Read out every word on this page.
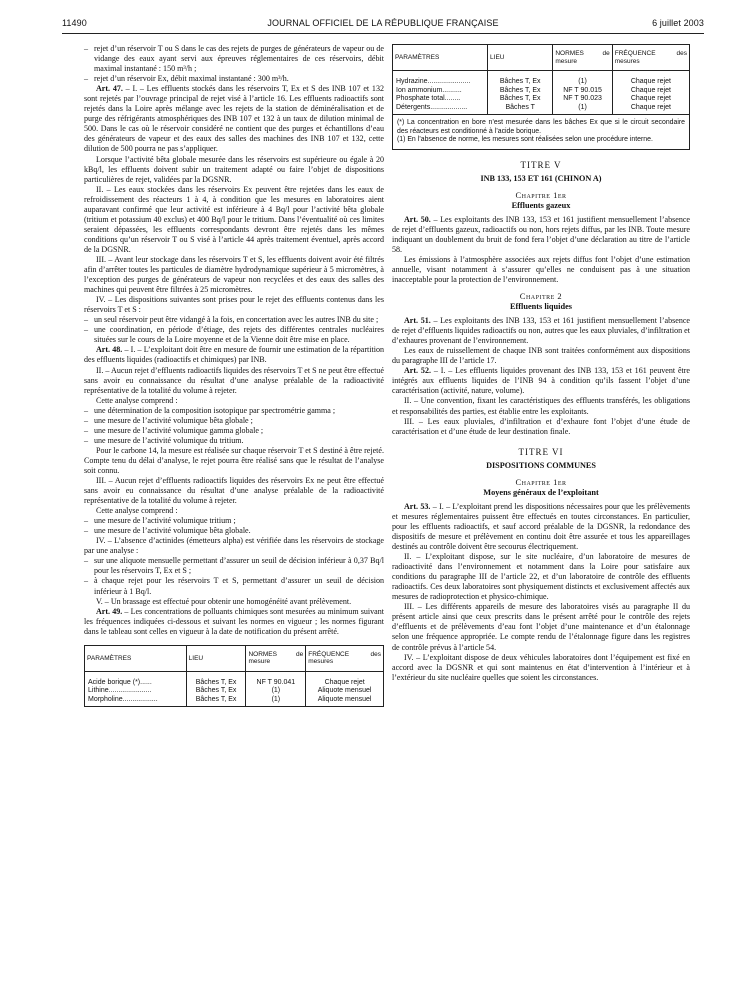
11490	JOURNAL OFFICIEL DE LA RÉPUBLIQUE FRANÇAISE	6 juillet 2003

– rejet d’un réservoir T ou S dans le cas des rejets de purges de générateurs de vapeur ou de vidange des eaux ayant servi aux épreuves réglementaires de ces réservoirs, débit maximal instantané : 150 m³/h ;

– rejet d’un réservoir Ex, débit maximal instantané : 300 m³/h.

Art. 47. – I. – Les effluents stockés dans les réservoirs T, Ex et S des INB 107 et 132 sont rejetés par l’ouvrage principal de rejet visé à l’article 16. Les effluents radioactifs sont rejetés dans la Loire après mélange avec les rejets de la station de déminéralisation et de purge des réfrigérants atmosphériques des INB 107 et 132 à un taux de dilution minimal de 500. Dans le cas où le réservoir considéré ne contient que des purges et échantillons d’eau des générateurs de vapeur et des eaux des salles des machines des INB 107 et 132, cette dilution de 500 pourra ne pas s’appliquer.

Lorsque l’activité bêta globale mesurée dans les réservoirs est supérieure ou égale à 20 kBq/l, les effluents doivent subir un traitement adapté ou faire l’objet de dispositions particulières de rejet, validées par la DGSNR.

II. – Les eaux stockées dans les réservoirs Ex peuvent être rejetées dans les eaux de refroidissement des réacteurs 1 à 4, à condition que les mesures en laboratoires aient auparavant confirmé que leur activité est inférieure à 4 Bq/l pour l’activité bêta globale (tritium et potassium 40 exclus) et 400 Bq/l pour le tritium. Dans l’éventualité où ces limites seraient dépassées, les effluents correspondants devront être rejetés dans les mêmes conditions qu’un réservoir T ou S visé à l’article 44 après traitement éventuel, après accord de la DGSNR.

III. – Avant leur stockage dans les réservoirs T et S, les effluents doivent avoir été filtrés afin d’arrêter toutes les particules de diamètre hydrodynamique supérieur à 5 micromètres, à l’exception des purges de générateurs de vapeur non recyclées et des eaux des salles des machines qui peuvent être filtrées à 25 micromètres.

IV. – Les dispositions suivantes sont prises pour le rejet des effluents contenus dans les réservoirs T et S :

– un seul réservoir peut être vidangé à la fois, en concertation avec les autres INB du site ;

– une coordination, en période d’étiage, des rejets des différentes centrales nucléaires situées sur le cours de la Loire moyenne et de la Vienne doit être mise en place.

Art. 48. – I. – L’exploitant doit être en mesure de fournir une estimation de la répartition des effluents liquides (radioactifs et chimiques) par INB.

II. – Aucun rejet d’effluents radioactifs liquides des réservoirs T et S ne peut être effectué sans avoir eu connaissance du résultat d’une analyse préalable de la radioactivité représentative de la totalité du volume à rejeter.

Cette analyse comprend :

– une détermination de la composition isotopique par spectrométrie gamma ;

– une mesure de l’activité volumique bêta globale ;

– une mesure de l’activité volumique gamma globale ;

– une mesure de l’activité volumique du tritium.

Pour le carbone 14, la mesure est réalisée sur chaque réservoir T et S destiné à être rejeté. Compte tenu du délai d’analyse, le rejet pourra être réalisé sans que le résultat de l’analyse soit connu.

III. – Aucun rejet d’effluents radioactifs liquides des réservoirs Ex ne peut être effectué sans avoir eu connaissance du résultat d’une analyse préalable de la radioactivité représentative de la totalité du volume à rejeter.

Cette analyse comprend :

– une mesure de l’activité volumique tritium ;

– une mesure de l’activité volumique bêta globale.

IV. – L’absence d’actinides (émetteurs alpha) est vérifiée dans les réservoirs de stockage par une analyse :

– sur une aliquote mensuelle permettant d’assurer un seuil de décision inférieur à 0,37 Bq/l pour les réservoirs T, Ex et S ;

– à chaque rejet pour les réservoirs T et S, permettant d’assurer un seuil de décision inférieur à 1 Bq/l.

V. – Un brassage est effectué pour obtenir une homogénéité avant prélèvement.

Art. 49. – Les concentrations de polluants chimiques sont mesurées au minimum suivant les fréquences indiquées ci-dessous et suivant les normes en vigueur ; les normes figurant dans le tableau sont celles en vigueur à la date de notification du présent arrêté.

PARAMÈTRES	LIEU	NORMES de mesure	FRÉQUENCE des mesures
Acide borique (*)......	Bâches T, Ex	NF T 90.041	Chaque rejet
Lithine......................	Bâches T, Ex	(1)	Aliquote mensuel
Morpholine..................	Bâches T, Ex	(1)	Aliquote mensuel
PARAMÈTRES	LIEU	NORMES de mesure	FRÉQUENCE des mesures
Hydrazine......................	Bâches T, Ex	(1)	Chaque rejet
Ion ammonium..........	Bâches T, Ex	NF T 90.015	Chaque rejet
Phosphate total........	Bâches T, Ex	NF T 90.023	Chaque rejet
Détergents...................	Bâches T	(1)	Chaque rejet

(*) La concentration en bore n’est mesurée dans les bâches Ex que si le circuit secondaire des réacteurs est conditionné à l’acide borique.

(1) En l’absence de norme, les mesures sont réalisées selon une procédure interne.

TITRE V
INB 133, 153 ET 161 (CHINON A)
Chapitre 1er
Effluents gazeux

Art. 50. – Les exploitants des INB 133, 153 et 161 justifient mensuellement l’absence de rejet d’effluents gazeux, radioactifs ou non, hors rejets diffus, par les INB. Toute mesure indiquant un doublement du bruit de fond fera l’objet d’une déclaration au titre de l’article 58.

Les émissions à l’atmosphère associées aux rejets diffus font l’objet d’une estimation annuelle, visant notamment à s’assurer qu’elles ne conduisent pas à une situation inacceptable pour la protection de l’environnement.

Chapitre 2
Effluents liquides

Art. 51. – Les exploitants des INB 133, 153 et 161 justifient mensuellement l’absence de rejet d’effluents liquides radioactifs ou non, autres que les eaux pluviales, d’infiltration et d’exhaures provenant de l’environnement.

Les eaux de ruissellement de chaque INB sont traitées conformément aux dispositions du paragraphe III de l’article 17.

Art. 52. – I. – Les effluents liquides provenant des INB 133, 153 et 161 peuvent être intégrés aux effluents liquides de l’INB 94 à condition qu’ils fassent l’objet d’une caractérisation (activité, nature, volume).

II. – Une convention, fixant les caractéristiques des effluents transférés, les obligations et responsabilités des parties, est établie entre les exploitants.

III. – Les eaux pluviales, d’infiltration et d’exhaure font l’objet d’une étude de caractérisation et d’une étude de leur destination finale.

TITRE VI
DISPOSITIONS COMMUNES
Chapitre 1er
Moyens généraux de l’exploitant

Art. 53. – I. – L’exploitant prend les dispositions nécessaires pour que les prélèvements et mesures réglementaires puissent être effectués en toutes circonstances. En particulier, pour les effluents radioactifs, et sauf accord préalable de la DGSNR, la redondance des dispositifs de mesure et prélèvement en continu doit être assurée et tous les appareillages destinés au contrôle doivent être secourus électriquement.

II. – L’exploitant dispose, sur le site nucléaire, d’un laboratoire de mesures de radioactivité dans l’environnement et notamment dans la Loire pour satisfaire aux conditions du paragraphe III de l’article 22, et d’un laboratoire de contrôle des effluents radioactifs. Ces deux laboratoires sont physiquement distincts et exclusivement affectés aux mesures de radioprotection et physico-chimique.

III. – Les différents appareils de mesure des laboratoires visés au paragraphe II du présent article ainsi que ceux prescrits dans le présent arrêté pour le contrôle des rejets d’effluents et de prélèvements d’eau font l’objet d’une maintenance et d’un étalonnage selon une fréquence appropriée. Le compte rendu de l’étalonnage figure dans les registres de contrôle prévus à l’article 54.

IV. – L’exploitant dispose de deux véhicules laboratoires dont l’équipement est fixé en accord avec la DGSNR et qui sont maintenus en état d’intervention à l’intérieur et à l’extérieur du site nucléaire quelles que soient les circonstances.
